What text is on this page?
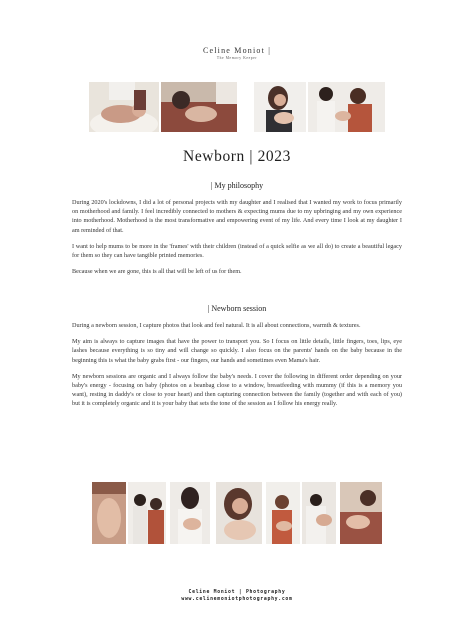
Celine Moniot |
The Memory Keeper
Newborn | 2023
| My philosophy

During 2020's lockdowns, I did a lot of personal projects with my daughter and I realised that I wanted my work to focus primarily on motherhood and family. I feel incredibly connected to mothers & expecting mums due to my upbringing and my own experience into motherhood. Motherhood is the most transformative and empowering event of my life. And every time I look at my daughter I am reminded of that.

I want to help mums to be more in the 'frames' with their children (instead of a quick selfie as we all do) to create a beautiful legacy for them so they can have tangible printed memories.

Because when we are gone, this is all that will be left of us for them.

| Newborn session

During a newborn session, I capture photos that look and feel natural. It is all about connections, warmth & textures.

My aim is always to capture images that have the power to transport you. So I focus on little details, little fingers, toes, lips, eye lashes because everything is so tiny and will change so quickly. I also focus on the parents' hands on the baby because in the beginning this is what the baby grabs first - our fingers, our hands and sometimes even Mama's hair.

My newborn sessions are organic and I always follow the baby's needs. I cover the following in different order depending on your baby's energy - focusing on baby (photos on a beanbag close to a window, breastfeeding with mummy (if this is a memory you want), resting in daddy's or close to your heart) and then capturing connection between the family (together and with each of you) but it is completely organic and it is your baby that sets the tone of the session as I follow his energy really.

Celine Moniot | Photography
www.celinemoniotphotography.com
